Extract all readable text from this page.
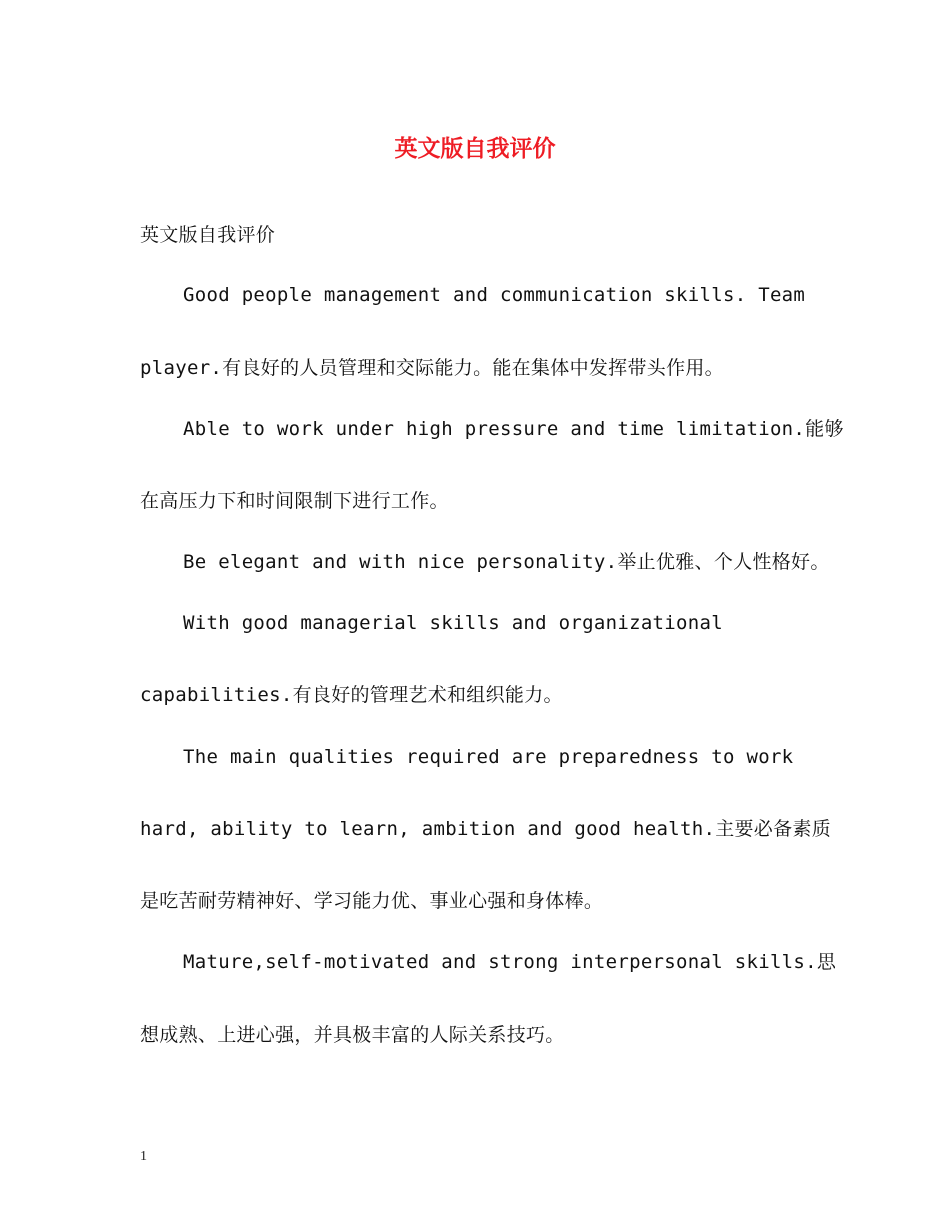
英文版自我评价
英文版自我评价
Good people management and communication skills. Team
player.有良好的人员管理和交际能力。能在集体中发挥带头作用。
Able to work under high pressure and time limitation.能够
在高压力下和时间限制下进行工作。
Be elegant and with nice personality.举止优雅、个人性格好。
With good managerial skills and organizational
capabilities.有良好的管理艺术和组织能力。
The main qualities required are preparedness to work
hard, ability to learn, ambition and good health.主要必备素质
是吃苦耐劳精神好、学习能力优、事业心强和身体棒。
Mature,self-motivated and strong interpersonal skills.思
想成熟、上进心强，并具极丰富的人际关系技巧。
1
